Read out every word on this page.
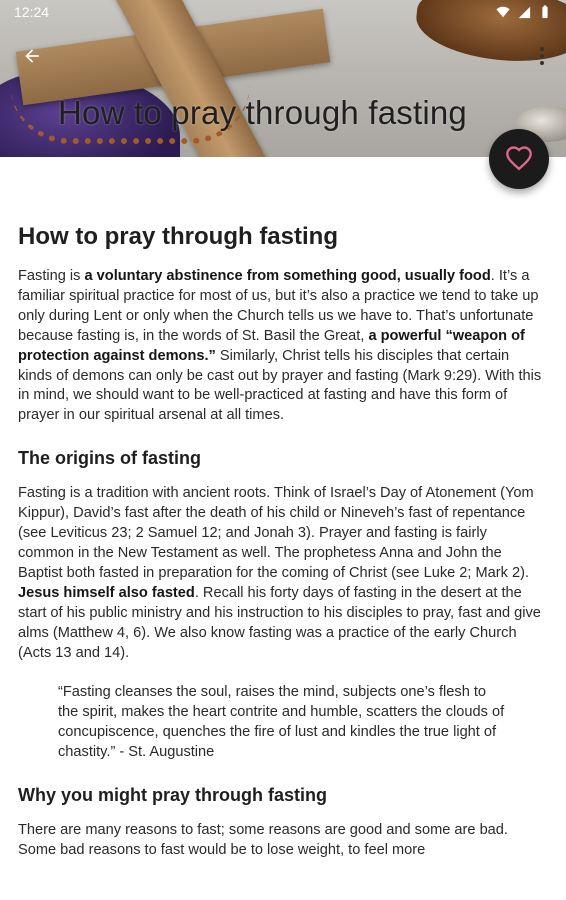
12:24
How to pray through fasting
How to pray through fasting

Fasting is a voluntary abstinence from something good, usually food. It’s a familiar spiritual practice for most of us, but it’s also a practice we tend to take up only during Lent or only when the Church tells us we have to. That’s unfortunate because fasting is, in the words of St. Basil the Great, a powerful “weapon of protection against demons.” Similarly, Christ tells his disciples that certain kinds of demons can only be cast out by prayer and fasting (Mark 9:29). With this in mind, we should want to be well-practiced at fasting and have this form of prayer in our spiritual arsenal at all times.

The origins of fasting

Fasting is a tradition with ancient roots. Think of Israel’s Day of Atonement (Yom Kippur), David’s fast after the death of his child or Nineveh’s fast of repentance (see Leviticus 23; 2 Samuel 12; and Jonah 3). Prayer and fasting is fairly common in the New Testament as well. The prophetess Anna and John the Baptist both fasted in preparation for the coming of Christ (see Luke 2; Mark 2). Jesus himself also fasted. Recall his forty days of fasting in the desert at the start of his public ministry and his instruction to his disciples to pray, fast and give alms (Matthew 4, 6). We also know fasting was a practice of the early Church (Acts 13 and 14).

“Fasting cleanses the soul, raises the mind, subjects one’s flesh to the spirit, makes the heart contrite and humble, scatters the clouds of concupiscence, quenches the fire of lust and kindles the true light of chastity.” - St. Augustine

Why you might pray through fasting

There are many reasons to fast; some reasons are good and some are bad. Some bad reasons to fast would be to lose weight, to feel more
